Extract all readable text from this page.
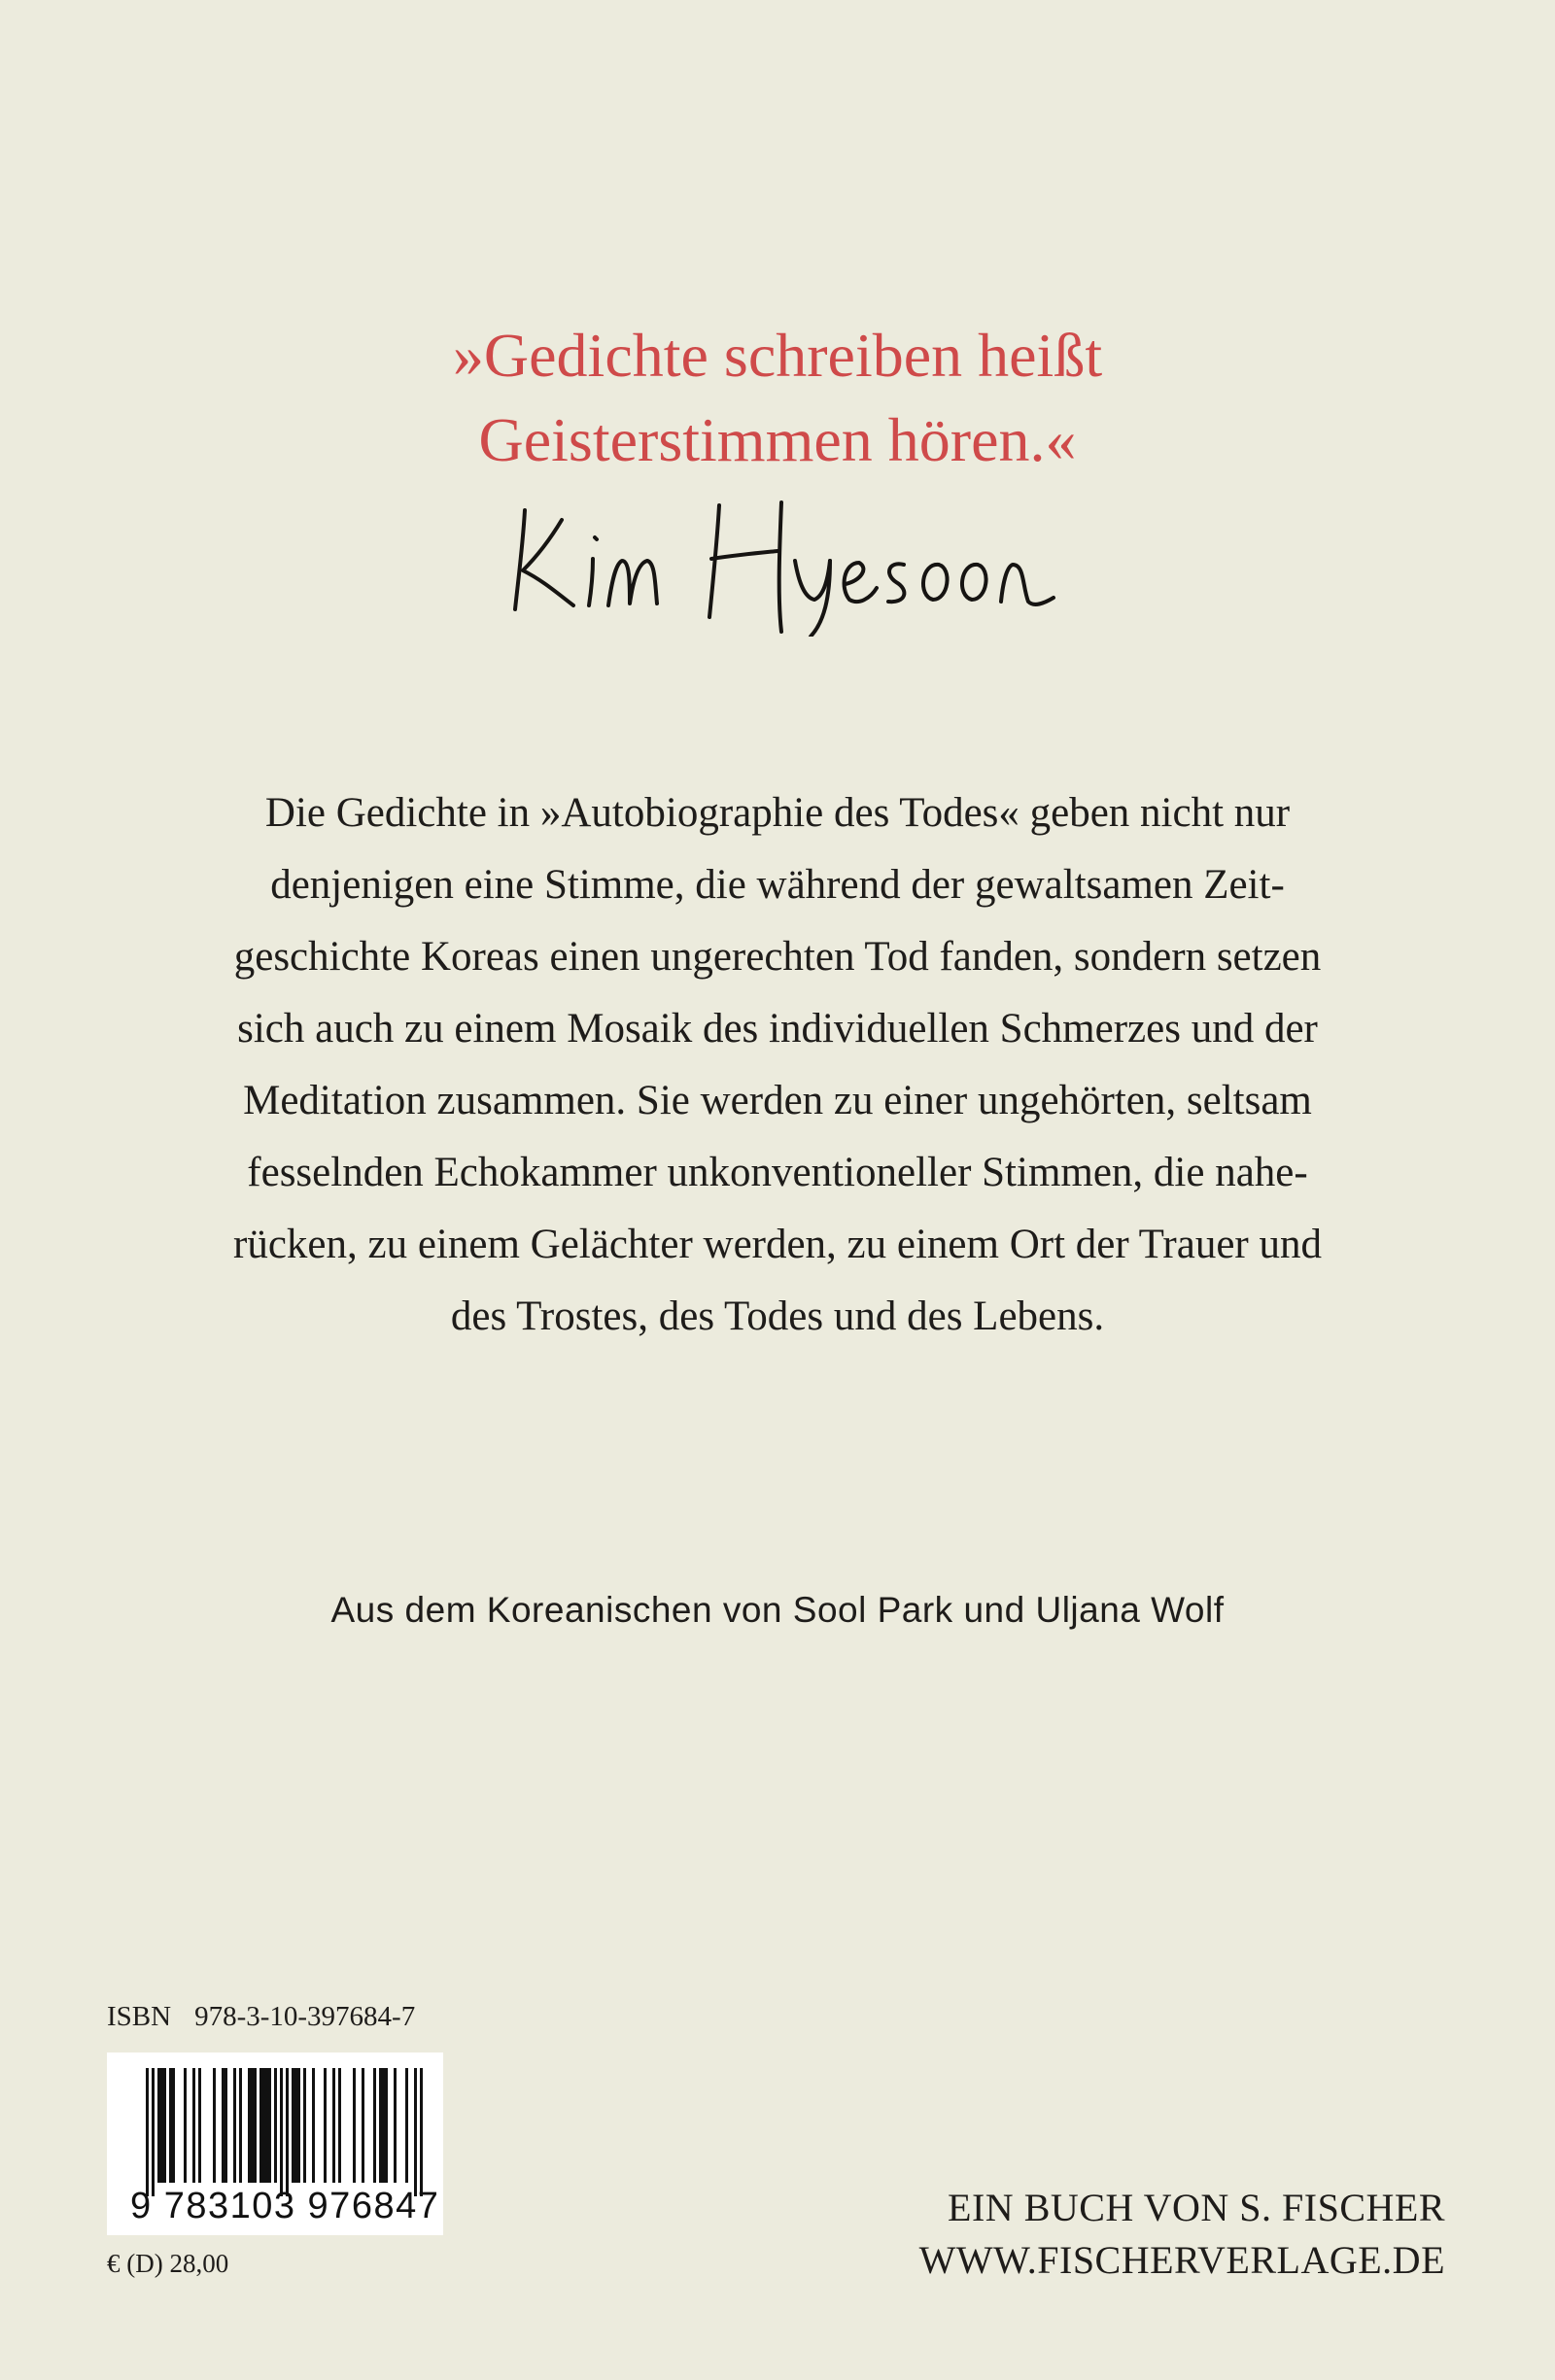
»Gedichte schreiben heißt
Geisterstimmen hören.«
Die Gedichte in »Autobiographie des Todes« geben nicht nur
denjenigen eine Stimme, die während der gewaltsamen Zeit-
geschichte Koreas einen ungerechten Tod fanden, sondern setzen
sich auch zu einem Mosaik des individuellen Schmerzes und der
Meditation zusammen. Sie werden zu einer ungehörten, seltsam
fesselnden Echokammer unkonventioneller Stimmen, die nahe-
rücken, zu einem Gelächter werden, zu einem Ort der Trauer und
des Trostes, des Todes und des Lebens.
Aus dem Koreanischen von Sool Park und Uljana Wolf
ISBN 978-3-10-397684-7
9 783103 976847
€ (D) 28,00
EIN BUCH VON S. FISCHER
WWW.FISCHERVERLAGE.DE
